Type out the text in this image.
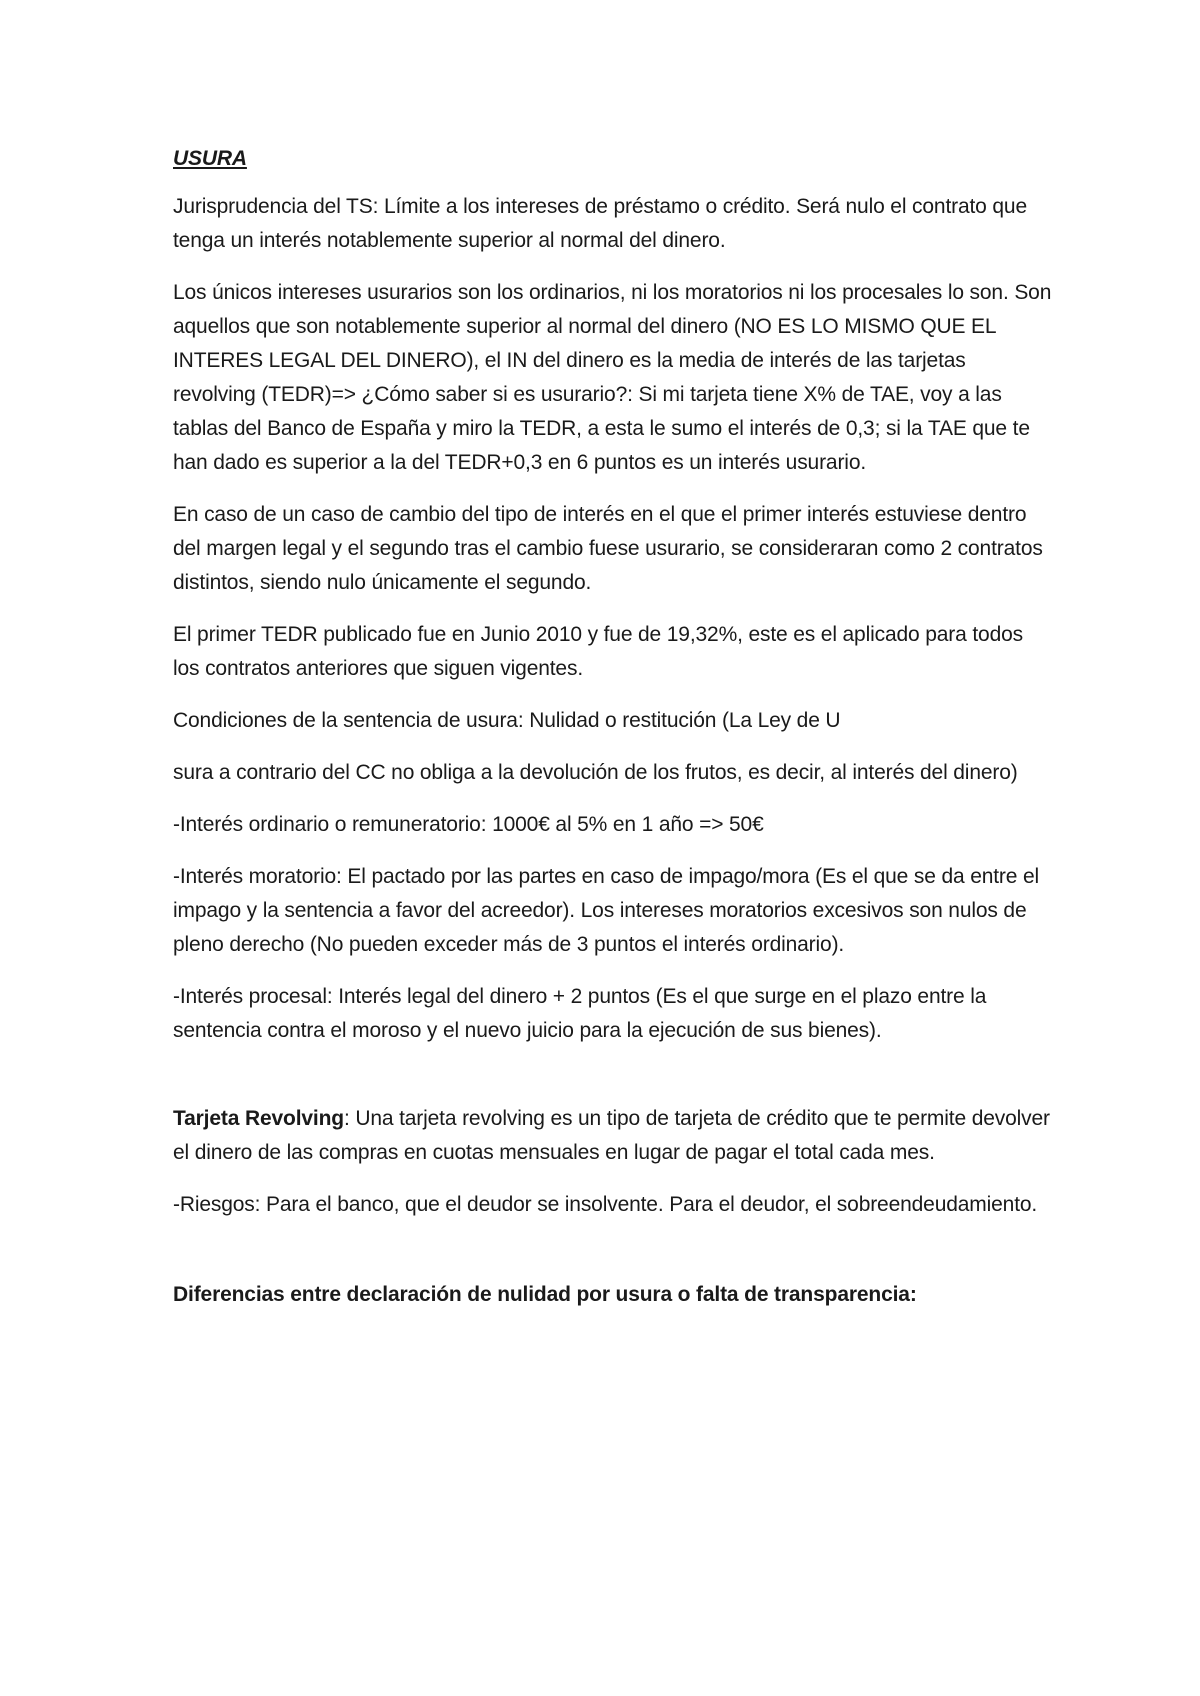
USURA

Jurisprudencia del TS: Límite a los intereses de préstamo o crédito. Será nulo el contrato que tenga un interés notablemente superior al normal del dinero.

Los únicos intereses usurarios son los ordinarios, ni los moratorios ni los procesales lo son. Son aquellos que son notablemente superior al normal del dinero (NO ES LO MISMO QUE EL INTERES LEGAL DEL DINERO), el IN del dinero es la media de interés de las tarjetas revolving (TEDR)=> ¿Cómo saber si es usurario?: Si mi tarjeta tiene X% de TAE, voy a las tablas del Banco de España y miro la TEDR, a esta le sumo el interés de 0,3; si la TAE que te han dado es superior a la del TEDR+0,3 en 6 puntos es un interés usurario.

En caso de un caso de cambio del tipo de interés en el que el primer interés estuviese dentro del margen legal y el segundo tras el cambio fuese usurario, se consideraran como 2 contratos distintos, siendo nulo únicamente el segundo.

El primer TEDR publicado fue en Junio 2010 y fue de 19,32%, este es el aplicado para todos los contratos anteriores que siguen vigentes.

Condiciones de la sentencia de usura: Nulidad o restitución (La Ley de U

sura a contrario del CC no obliga a la devolución de los frutos, es decir, al interés del dinero)

-Interés ordinario o remuneratorio: 1000€ al 5% en 1 año => 50€

-Interés moratorio: El pactado por las partes en caso de impago/mora (Es el que se da entre el impago y la sentencia a favor del acreedor). Los intereses moratorios excesivos son nulos de pleno derecho (No pueden exceder más de 3 puntos el interés ordinario).

-Interés procesal: Interés legal del dinero + 2 puntos (Es el que surge en el plazo entre la sentencia contra el moroso y el nuevo juicio para la ejecución de sus bienes).

Tarjeta Revolving: Una tarjeta revolving es un tipo de tarjeta de crédito que te permite devolver el dinero de las compras en cuotas mensuales en lugar de pagar el total cada mes.

-Riesgos: Para el banco, que el deudor se insolvente. Para el deudor, el sobreendeudamiento.

Diferencias entre declaración de nulidad por usura o falta de transparencia:
